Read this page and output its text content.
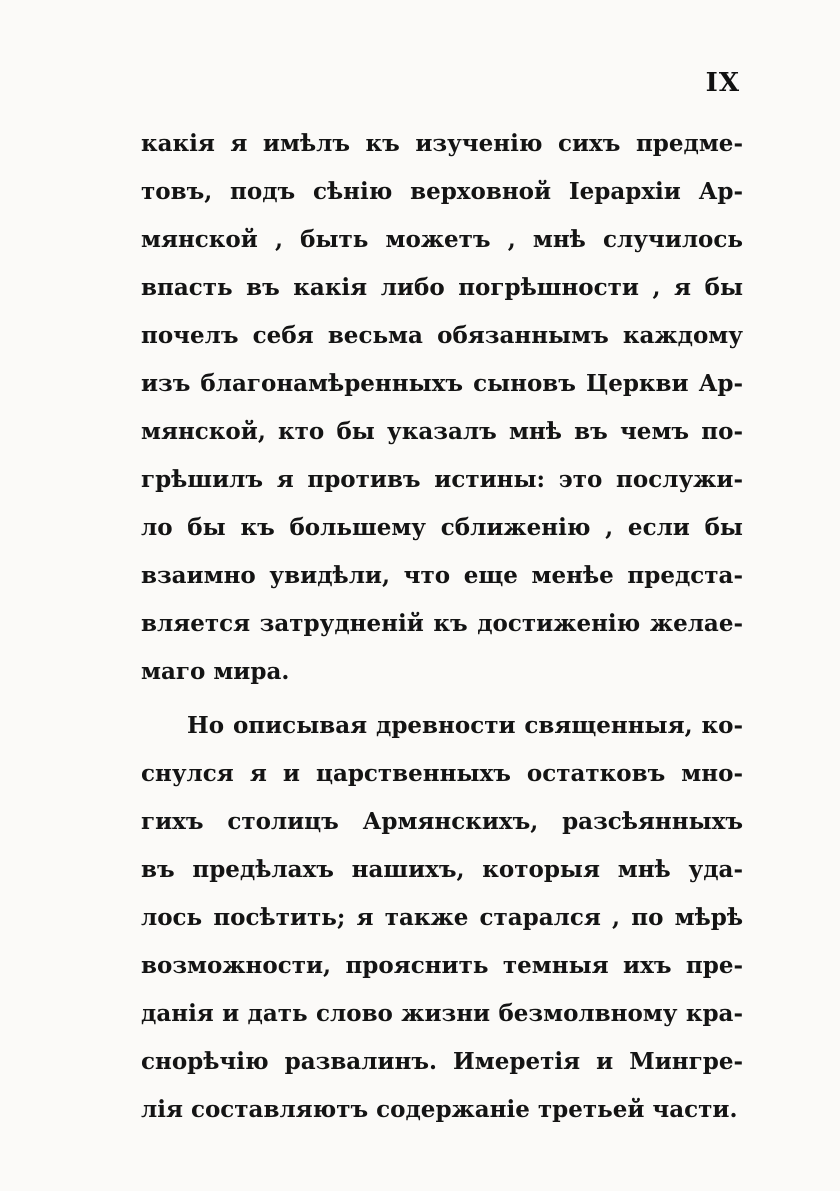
IX
какія я имѣлъ къ изученію сихъ предме-
товъ, подъ сѣнію верховной Іерархіи Ар-
мянской , быть можетъ , мнѣ случилось
впасть въ какія либо погрѣшности , я бы
почелъ себя весьма обязаннымъ каждому
изъ благонамѣренныхъ сыновъ Церкви Ар-
мянской, кто бы указалъ мнѣ въ чемъ по-
грѣшилъ я противъ истины: это послужи-
ло бы къ большему сближенію , если бы
взаимно увидѣли, что еще менѣе предста-
вляется затрудненій къ достиженію желае-
маго мира.
Но описывая древности священныя, ко-
снулся я и царственныхъ остатковъ мно-
гихъ столицъ Армянскихъ, разсѣянныхъ
въ предѣлахъ нашихъ, которыя мнѣ уда-
лось посѣтить; я также старался , по мѣрѣ
возможности, прояснить темныя ихъ пре-
данія и дать слово жизни безмолвному кра-
снорѣчію развалинъ. Имеретія и Мингре-
лія составляютъ содержаніе третьей части.
